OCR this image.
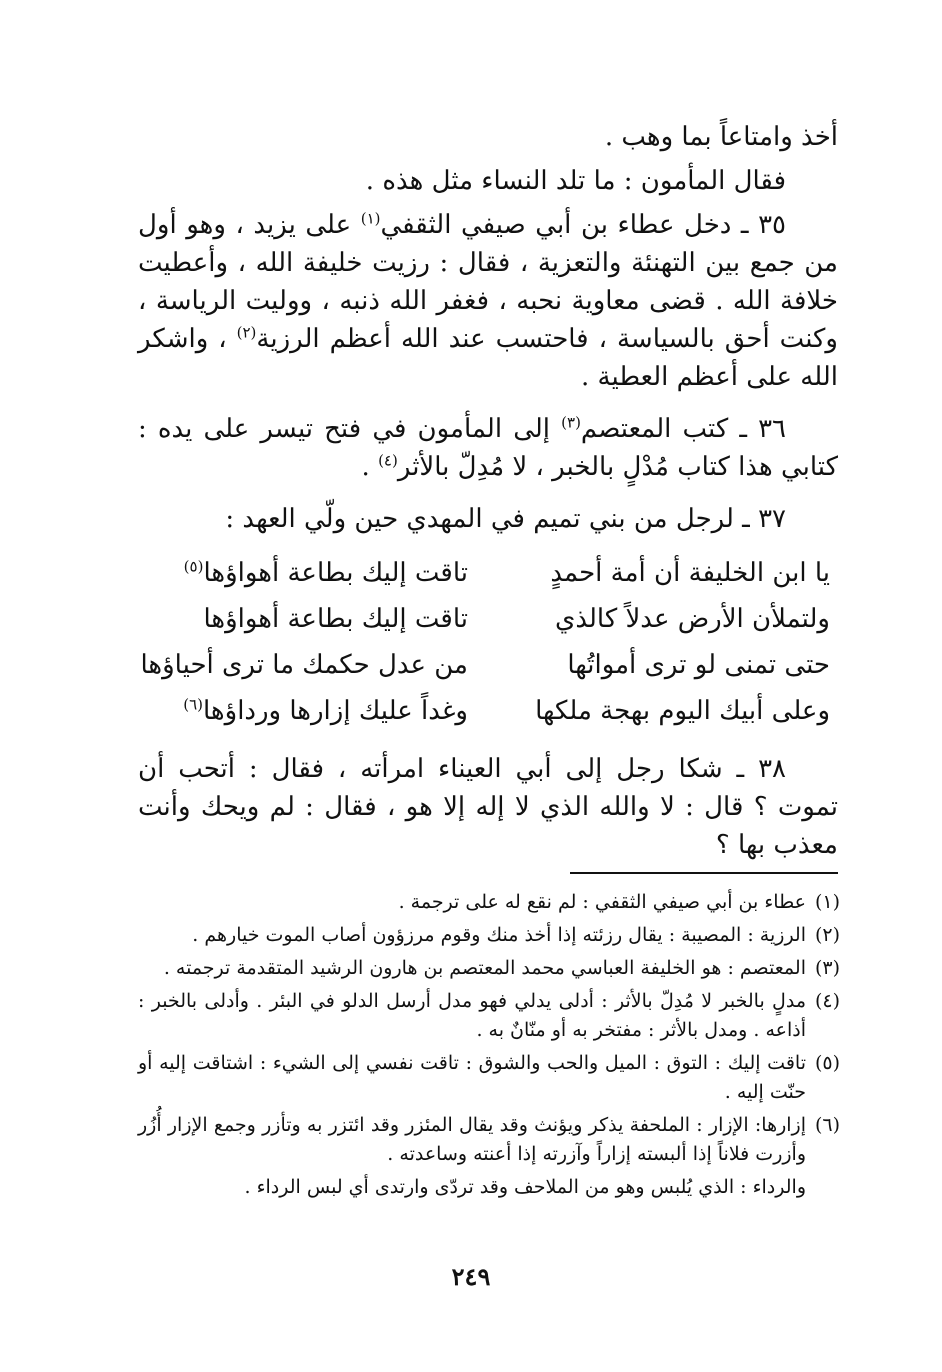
أخذ وامتاعاً بما وهب .

فقال المأمون : ما تلد النساء مثل هذه .

٣٥ ـ دخل عطاء بن أبي صيفي الثقفي$^{(١)}$ على يزيد ، وهو أول من جمع بين التهنئة والتعزية ، فقال : رزيت خليفة الله ، وأعطيت خلافة الله . قضى معاوية نحبه ، فغفر الله ذنبه ، ووليت الرياسة ، وكنت أحق بالسياسة ، فاحتسب عند الله أعظم الرزية$^{(٢)}$ ، واشكر الله على أعظم العطية .

٣٦ ـ كتب المعتصم$^{(٣)}$ إلى المأمون في فتح تيسر على يده : كتابي هذا كتاب مُدْلٍ بالخبر ، لا مُدِلّ بالأثر$^{(٤)}$ .

٣٧ ـ لرجل من بني تميم في المهدي حين ولّي العهد :

يا ابن الخليفة أن أمة أحمدٍ
تاقت إليك بطاعة أهواؤها$^{(٥)}$
ولتملأن الأرض عدلاً كالذي
تاقت إليك بطاعة أهواؤها
حتى تمنى لو ترى أمواتُها
من عدل حكمك ما ترى أحياؤها
وعلى أبيك اليوم بهجة ملكها
وغداً عليك إزارها ورداؤها$^{(٦)}$

٣٨ ـ شكا رجل إلى أبي العيناء امرأته ، فقال : أتحب أن تموت ؟ قال : لا والله الذي لا إله إلا هو ، فقال : لم ويحك وأنت معذب بها ؟

(١)
عطاء بن أبي صيفي الثقفي : لم نقع له على ترجمة .
(٢)
الرزية : المصيبة : يقال رزئته إذا أخذ منك وقوم مرزؤون أصاب الموت خيارهم .
(٣)
المعتصم : هو الخليفة العباسي محمد المعتصم بن هارون الرشيد المتقدمة ترجمته .
(٤)
مدلٍ بالخبر لا مُدِلّ بالأثر : أدلى يدلي فهو مدل أرسل الدلو في البئر . وأدلى بالخبر : أذاعه . ومدل بالأثر : مفتخر به أو منّانٌ به .
(٥)
تاقت إليك : التوق : الميل والحب والشوق : تاقت نفسي إلى الشيء : اشتاقت إليه أو حنّت إليه .
(٦)
إزارها: الإزار : الملحفة يذكر ويؤنث وقد يقال المئزر وقد ائتزر به وتأزر وجمع الإزار أُزُر وأزرت فلاناً إذا ألبسته إزاراً وآزرته إذا أعنته وساعدته .
والرداء : الذي يُلبس وهو من الملاحف وقد تردّى وارتدى أي لبس الرداء .
٢٤٩
